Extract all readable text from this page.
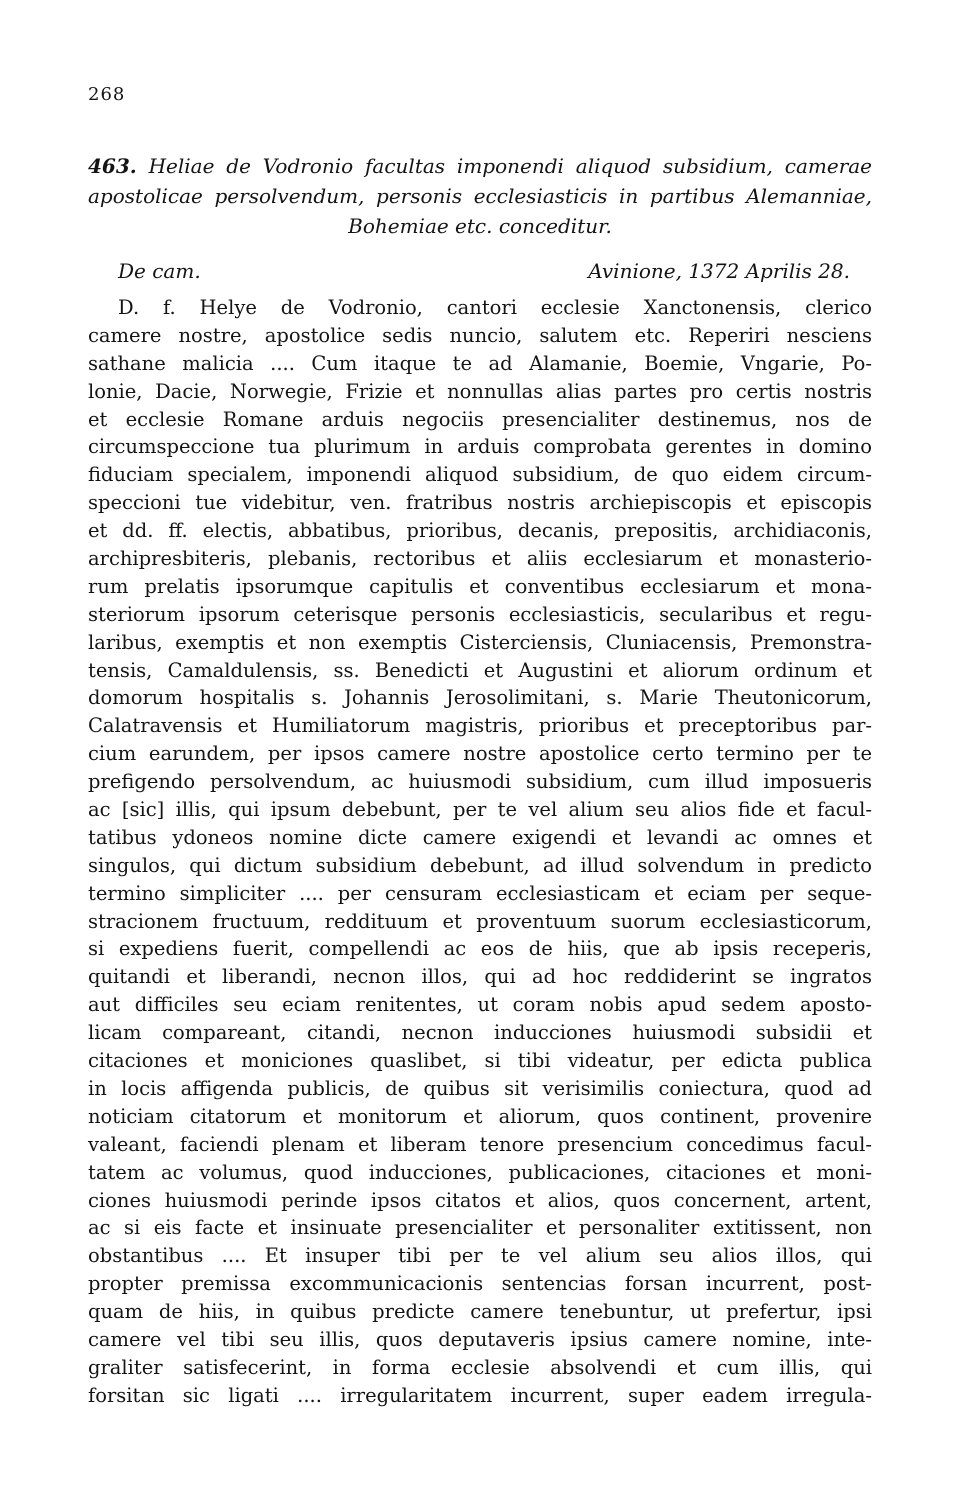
268
463. Heliae de Vodronio facultas imponendi aliquod subsidium, camerae
apostolicae persolvendum, personis ecclesiasticis in partibus Alemanniae,
Bohemiae etc. conceditur.
De cam.	Avinione, 1372 Aprilis 28.
D. f. Helye de Vodronio, cantori ecclesie Xanctonensis, clerico
camere nostre, apostolice sedis nuncio, salutem etc. Reperiri nesciens
sathane malicia .... Cum itaque te ad Alamanie, Boemie, Vngarie, Po-
lonie, Dacie, Norwegie, Frizie et nonnullas alias partes pro certis nostris
et ecclesie Romane arduis negociis presencialiter destinemus, nos de
circumspeccione tua plurimum in arduis comprobata gerentes in domino
fiduciam specialem, imponendi aliquod subsidium, de quo eidem circum-
speccioni tue videbitur, ven. fratribus nostris archiepiscopis et episcopis
et dd. ff. electis, abbatibus, prioribus, decanis, prepositis, archidiaconis,
archipresbiteris, plebanis, rectoribus et aliis ecclesiarum et monasterio-
rum prelatis ipsorumque capitulis et conventibus ecclesiarum et mona-
steriorum ipsorum ceterisque personis ecclesiasticis, secularibus et regu-
laribus, exemptis et non exemptis Cisterciensis, Cluniacensis, Premonstra-
tensis, Camaldulensis, ss. Benedicti et Augustini et aliorum ordinum et
domorum hospitalis s. Johannis Jerosolimitani, s. Marie Theutonicorum,
Calatravensis et Humiliatorum magistris, prioribus et preceptoribus par-
cium earundem, per ipsos camere nostre apostolice certo termino per te
prefigendo persolvendum, ac huiusmodi subsidium, cum illud imposueris
ac [sic] illis, qui ipsum debebunt, per te vel alium seu alios fide et facul-
tatibus ydoneos nomine dicte camere exigendi et levandi ac omnes et
singulos, qui dictum subsidium debebunt, ad illud solvendum in predicto
termino simpliciter .... per censuram ecclesiasticam et eciam per seque-
stracionem fructuum, reddituum et proventuum suorum ecclesiasticorum,
si expediens fuerit, compellendi ac eos de hiis, que ab ipsis receperis,
quitandi et liberandi, necnon illos, qui ad hoc reddiderint se ingratos
aut difficiles seu eciam renitentes, ut coram nobis apud sedem aposto-
licam compareant, citandi, necnon inducciones huiusmodi subsidii et
citaciones et moniciones quaslibet, si tibi videatur, per edicta publica
in locis affigenda publicis, de quibus sit verisimilis coniectura, quod ad
noticiam citatorum et monitorum et aliorum, quos continent, provenire
valeant, faciendi plenam et liberam tenore presencium concedimus facul-
tatem ac volumus, quod inducciones, publicaciones, citaciones et moni-
ciones huiusmodi perinde ipsos citatos et alios, quos concernent, artent,
ac si eis facte et insinuate presencialiter et personaliter extitissent, non
obstantibus .... Et insuper tibi per te vel alium seu alios illos, qui
propter premissa excommunicacionis sentencias forsan incurrent, post-
quam de hiis, in quibus predicte camere tenebuntur, ut prefertur, ipsi
camere vel tibi seu illis, quos deputaveris ipsius camere nomine, inte-
graliter satisfecerint, in forma ecclesie absolvendi et cum illis, qui
forsitan sic ligati .... irregularitatem incurrent, super eadem irregula-
